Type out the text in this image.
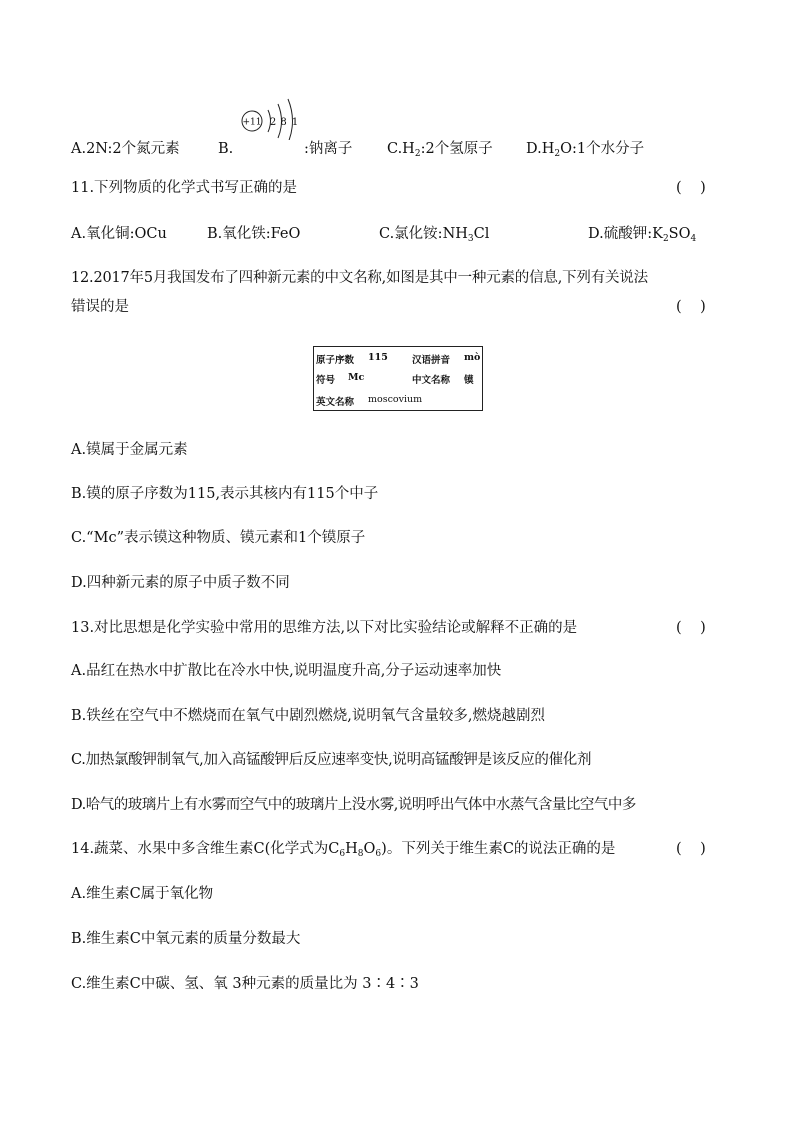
A.2N:2个氮元素	B.
+11 2 8 1
:钠离子 $C.H_2:2$个氢原子 $D.H_2O:1$个水分子
11.下列物质的化学式书写正确的是	(    )
A.氧化铜:OCu	B.氧化铁:FeO	C.氯化铵$:NH_3Cl$	D.硫酸钾$:K_2SO_4$
12.2017年5月我国发布了四种新元素的中文名称,如图是其中一种元素的信息,下列有关说法
错误的是	(    )
原子序数 115	汉语拼音 mò
符号 Mc	中文名称 镆
英文名称 moscovium
A.镆属于金属元素
B.镆的原子序数为115,表示其核内有115个中子
C.“Mc”表示镆这种物质、镆元素和1个镆原子
D.四种新元素的原子中质子数不同
13.对比思想是化学实验中常用的思维方法,以下对比实验结论或解释不正确的是	(    )
A.品红在热水中扩散比在冷水中快,说明温度升高,分子运动速率加快
B.铁丝在空气中不燃烧而在氧气中剧烈燃烧,说明氧气含量较多,燃烧越剧烈
C.加热氯酸钾制氧气,加入高锰酸钾后反应速率变快,说明高锰酸钾是该反应的催化剂
D.哈气的玻璃片上有水雾而空气中的玻璃片上没水雾,说明呼出气体中水蒸气含量比空气中多
14.蔬菜、水果中多含维生素C(化学式为$C_6H_8O_6$)。下列关于维生素C的说法正确的是	(    )
A.维生素C属于氧化物
B.维生素C中氧元素的质量分数最大
C.维生素C中碳、氢、氧 3种元素的质量比为 3∶4∶3
